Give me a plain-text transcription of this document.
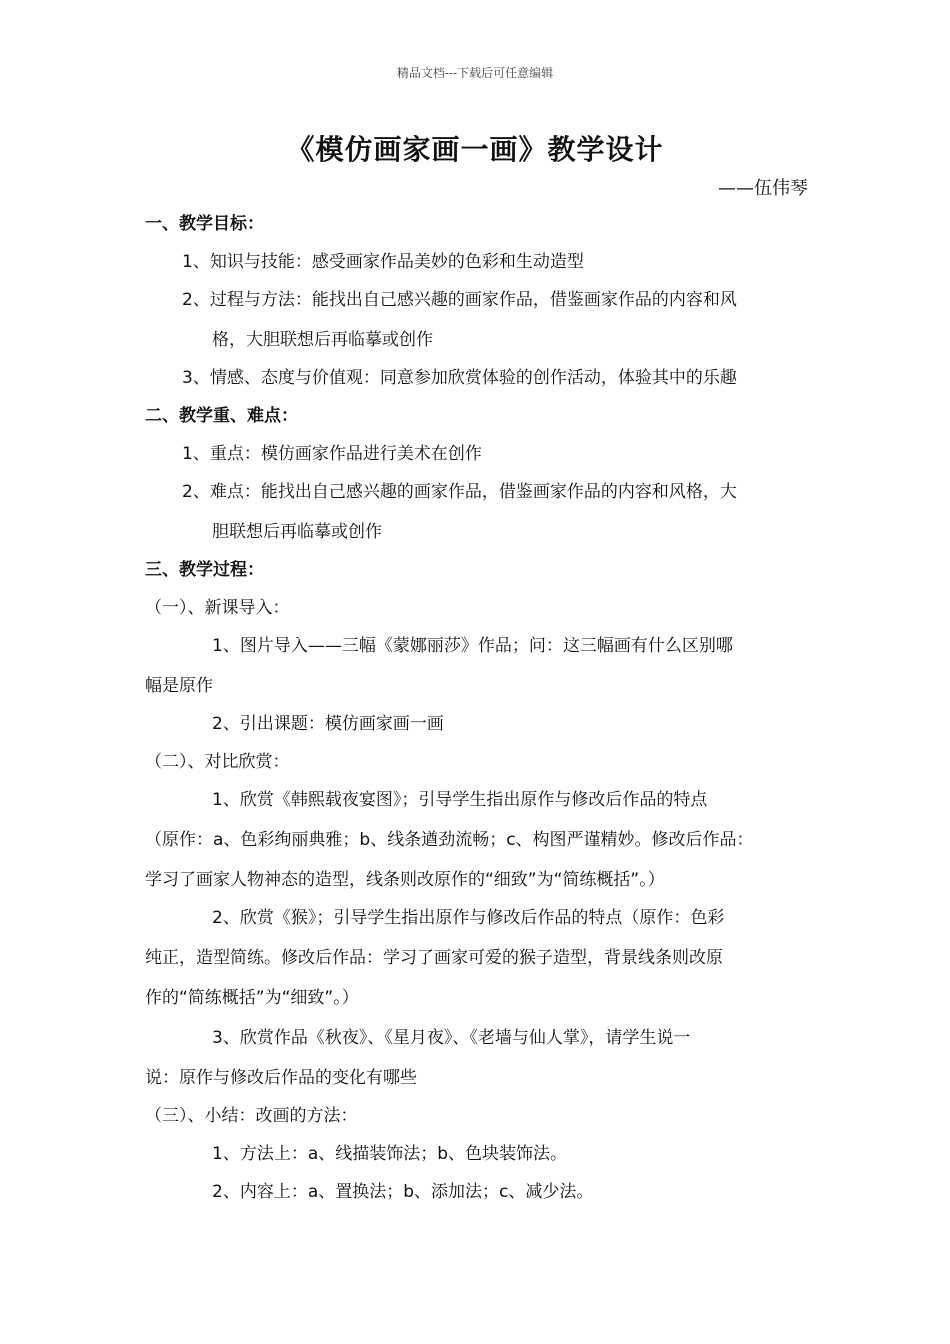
精品文档---下载后可任意编辑
《模仿画家画一画》教学设计
——伍伟琴
一、教学目标：
1、知识与技能：感受画家作品美妙的色彩和生动造型
2、过程与方法：能找出自己感兴趣的画家作品，借鉴画家作品的内容和风
格，大胆联想后再临摹或创作
3、情感、态度与价值观：同意参加欣赏体验的创作活动，体验其中的乐趣
二、教学重、难点：
1、重点：模仿画家作品进行美术在创作
2、难点：能找出自己感兴趣的画家作品，借鉴画家作品的内容和风格，大
胆联想后再临摹或创作
三、教学过程：
（一）、新课导入：
1、图片导入——三幅《蒙娜丽莎》作品；问：这三幅画有什么区别哪
幅是原作
2、引出课题：模仿画家画一画
（二）、对比欣赏：
1、欣赏《韩熙载夜宴图》；引导学生指出原作与修改后作品的特点
（原作：a、色彩绚丽典雅；b、线条遒劲流畅；c、构图严谨精妙。修改后作品：
学习了画家人物神态的造型，线条则改原作的“细致”为“简练概括”。）
2、欣赏《猴》；引导学生指出原作与修改后作品的特点（原作：色彩
纯正，造型简练。修改后作品：学习了画家可爱的猴子造型，背景线条则改原
作的“简练概括”为“细致”。）
3、欣赏作品《秋夜》、《星月夜》、《老墙与仙人掌》，请学生说一
说：原作与修改后作品的变化有哪些
（三）、小结：改画的方法：
1、方法上：a、线描装饰法；b、色块装饰法。
2、内容上：a、置换法；b、添加法；c、减少法。
